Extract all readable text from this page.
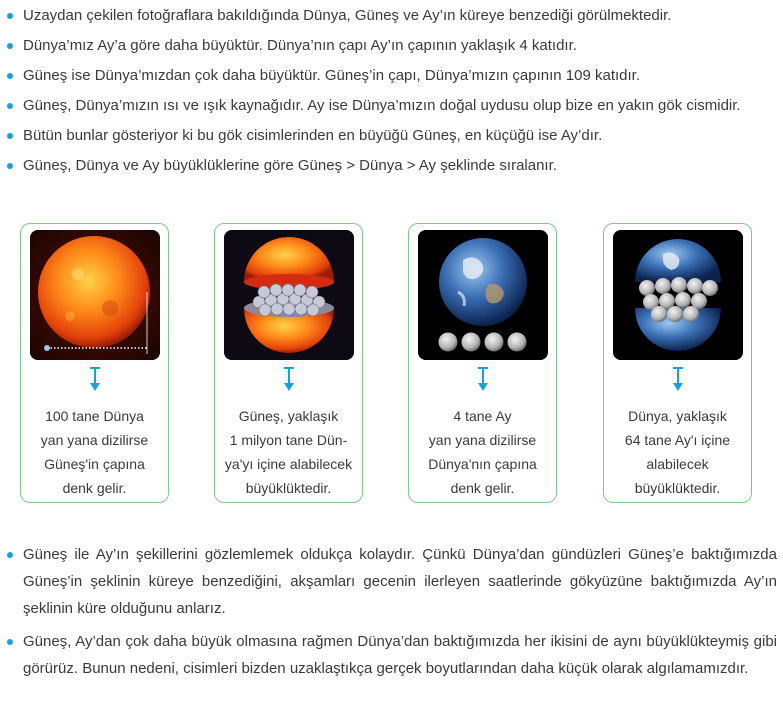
Uzaydan çekilen fotoğraflara bakıldığında Dünya, Güneş ve Ay’ın küreye benzediği görülmektedir.
Dünya’mız Ay’a göre daha büyüktür. Dünya’nın çapı Ay’ın çapının yaklaşık 4 katıdır.
Güneş ise Dünya’mızdan çok daha büyüktür. Güneş’in çapı, Dünya’mızın çapının 109 katıdır.
Güneş, Dünya’mızın ısı ve ışık kaynağıdır. Ay ise Dünya’mızın doğal uydusu olup bize en yakın gök cismidir.
Bütün bunlar gösteriyor ki bu gök cisimlerinden en büyüğü Güneş, en küçüğü ise Ay’dır.
Güneş, Dünya ve Ay büyüklüklerine göre Güneş > Dünya > Ay şeklinde sıralanır.
100 tane Dünya
yan yana dizilirse
Güneş'in çapına
denk gelir.
Güneş, yaklaşık
1 milyon tane Dün-
ya'yı içine alabilecek
büyüklüktedir.
4 tane Ay
yan yana dizilirse
Dünya'nın çapına
denk gelir.
Dünya, yaklaşık
64 tane Ay'ı içine
alabilecek
büyüklüktedir.
Güneş ile Ay’ın şekillerini gözlemlemek oldukça kolaydır. Çünkü Dünya’dan gündüzleri Güneş’e baktığımızda Güneş’in şeklinin küreye benzediğini, akşamları gecenin ilerleyen saatlerinde gökyüzüne baktığımızda Ay’ın şeklinin küre olduğunu anlarız.
Güneş, Ay’dan çok daha büyük olmasına rağmen Dünya’dan baktığımızda her ikisini de aynı büyüklükteymiş gibi görürüz. Bunun nedeni, cisimleri bizden uzaklaştıkça gerçek boyutlarından daha küçük olarak algılamamızdır.
